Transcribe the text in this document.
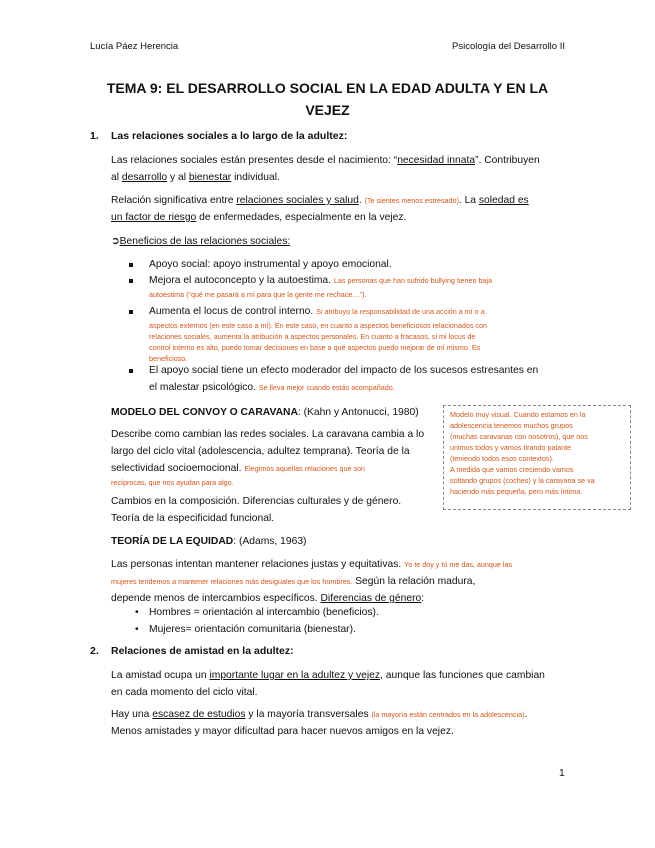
Lucía Páez Herencia	Psicología del Desarrollo II
TEMA 9: EL DESARROLLO SOCIAL EN LA EDAD ADULTA Y EN LA
VEJEZ
1. Las relaciones sociales a lo largo de la adultez:
Las relaciones sociales están presentes desde el nacimiento: “necesidad innata”. Contribuyen
al desarrollo y al bienestar individual.
Relación significativa entre relaciones sociales y salud. (Te sientes menos estresado). La soledad es
un factor de riesgo de enfermedades, especialmente en la vejez.
➲Beneficios de las relaciones sociales:
Apoyo social: apoyo instrumental y apoyo emocional.
Mejora el autoconcepto y la autoestima. Las personas que han sufrido bullying tienen baja
autoestima (“qué me pasará a mí para que la gente me rechace…”).
Aumenta el locus de control interno. Si atribuyo la responsabilidad de una acción a mí o a
aspectos externos (en este caso a mí). En este caso, en cuanto a aspectos beneficiosos relacionados con
relaciones sociales, aumenta la atribución a aspectos personales. En cuanto a fracasos, si mi locus de
control interno es alto, puedo tomar decisiones en base a qué aspectos puedo mejorar de mí mismo. Es
beneficioso.
El apoyo social tiene un efecto moderador del impacto de los sucesos estresantes en
el malestar psicológico. Se lleva mejor cuando estás acompañado.
MODELO DEL CONVOY O CARAVANA: (Kahn y Antonucci, 1980)
Describe como cambian las redes sociales. La caravana cambia a lo
largo del ciclo vital (adolescencia, adultez temprana). Teoría de la
selectividad socioemocional. Elegimos aquellas relaciones que son
recíprocas, que nos ayudan para algo.
Cambios en la composición. Diferencias culturales y de género.
Teoría de la especificidad funcional.
Modelo muy visual. Cuando estamos en la
adolescencia tenemos muchos grupos
(muchas caravanas con nosotros), que nos
unimos todos y vamos tirando palante
(teniendo todos esos contextos).
A medida que vamos creciendo vamos
soltando grupos (coches) y la caravana se va
haciendo más pequeña, pero más íntima.
TEORÍA DE LA EQUIDAD: (Adams, 1963)
Las personas intentan mantener relaciones justas y equitativas. Yo te doy y tú me das, aunque las
mujeres tendemos a mantener relaciones más desiguales que los hombres. Según la relación madura,
depende menos de intercambios específicos. Diferencias de género:
• Hombres = orientación al intercambio (beneficios).
• Mujeres= orientación comunitaria (bienestar).
2. Relaciones de amistad en la adultez:
La amistad ocupa un importante lugar en la adultez y vejez, aunque las funciones que cambian
en cada momento del ciclo vital.
Hay una escasez de estudios y la mayoría transversales (la mayoría están centrados en la adolescencia).
Menos amistades y mayor dificultad para hacer nuevos amigos en la vejez.
1
